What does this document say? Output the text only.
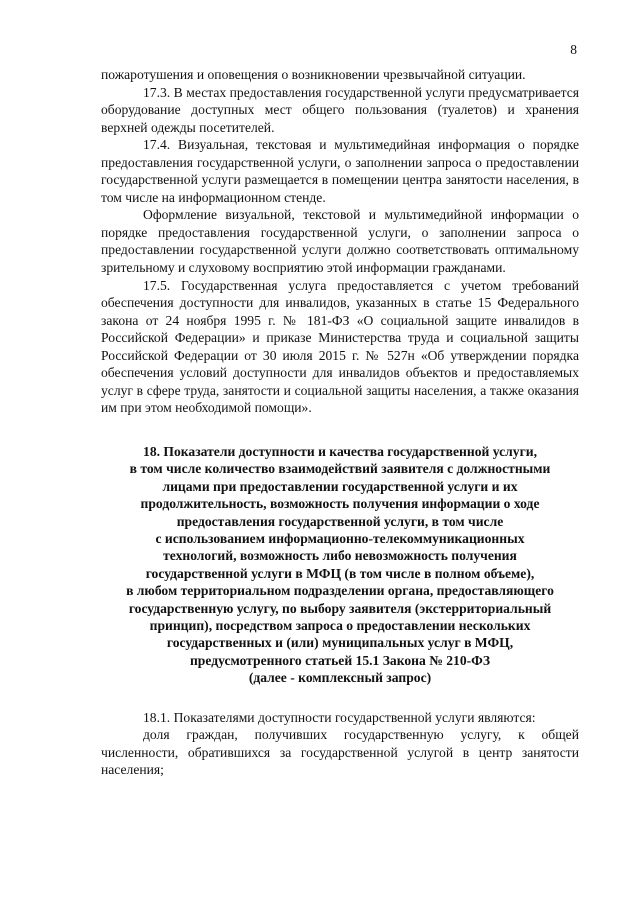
8

пожаротушения и оповещения о возникновении чрезвычайной ситуации.

17.3. В местах предоставления государственной услуги предусматривается оборудование доступных мест общего пользования (туалетов) и хранения верхней одежды посетителей.

17.4. Визуальная, текстовая и мультимедийная информация о порядке предоставления государственной услуги, о заполнении запроса о предоставлении государственной услуги размещается в помещении центра занятости населения, в том числе на информационном стенде.

Оформление визуальной, текстовой и мультимедийной информации о порядке предоставления государственной услуги, о заполнении запроса о предоставлении государственной услуги должно соответствовать оптимальному зрительному и слуховому восприятию этой информации гражданами.

17.5. Государственная услуга предоставляется с учетом требований обеспечения доступности для инвалидов, указанных в статье 15 Федерального закона от 24 ноября 1995 г. № 181-ФЗ «О социальной защите инвалидов в Российской Федерации» и приказе Министерства труда и социальной защиты Российской Федерации от 30 июля 2015 г. № 527н «Об утверждении порядка обеспечения условий доступности для инвалидов объектов и предоставляемых услуг в сфере труда, занятости и социальной защиты населения, а также оказания им при этом необходимой помощи».

18. Показатели доступности и качества государственной услуги,
в том числе количество взаимодействий заявителя с должностными
лицами при предоставлении государственной услуги и их
продолжительность, возможность получения информации о ходе
предоставления государственной услуги, в том числе
с использованием информационно-телекоммуникационных
технологий, возможность либо невозможность получения
государственной услуги в МФЦ (в том числе в полном объеме),
в любом территориальном подразделении органа, предоставляющего
государственную услугу, по выбору заявителя (экстерриториальный
принцип), посредством запроса о предоставлении нескольких
государственных и (или) муниципальных услуг в МФЦ,
предусмотренного статьей 15.1 Закона № 210-ФЗ
(далее - комплексный запрос)

18.1. Показателями доступности государственной услуги являются:

доля граждан, получивших государственную услугу, к общей численности, обратившихся за государственной услугой в центр занятости населения;
